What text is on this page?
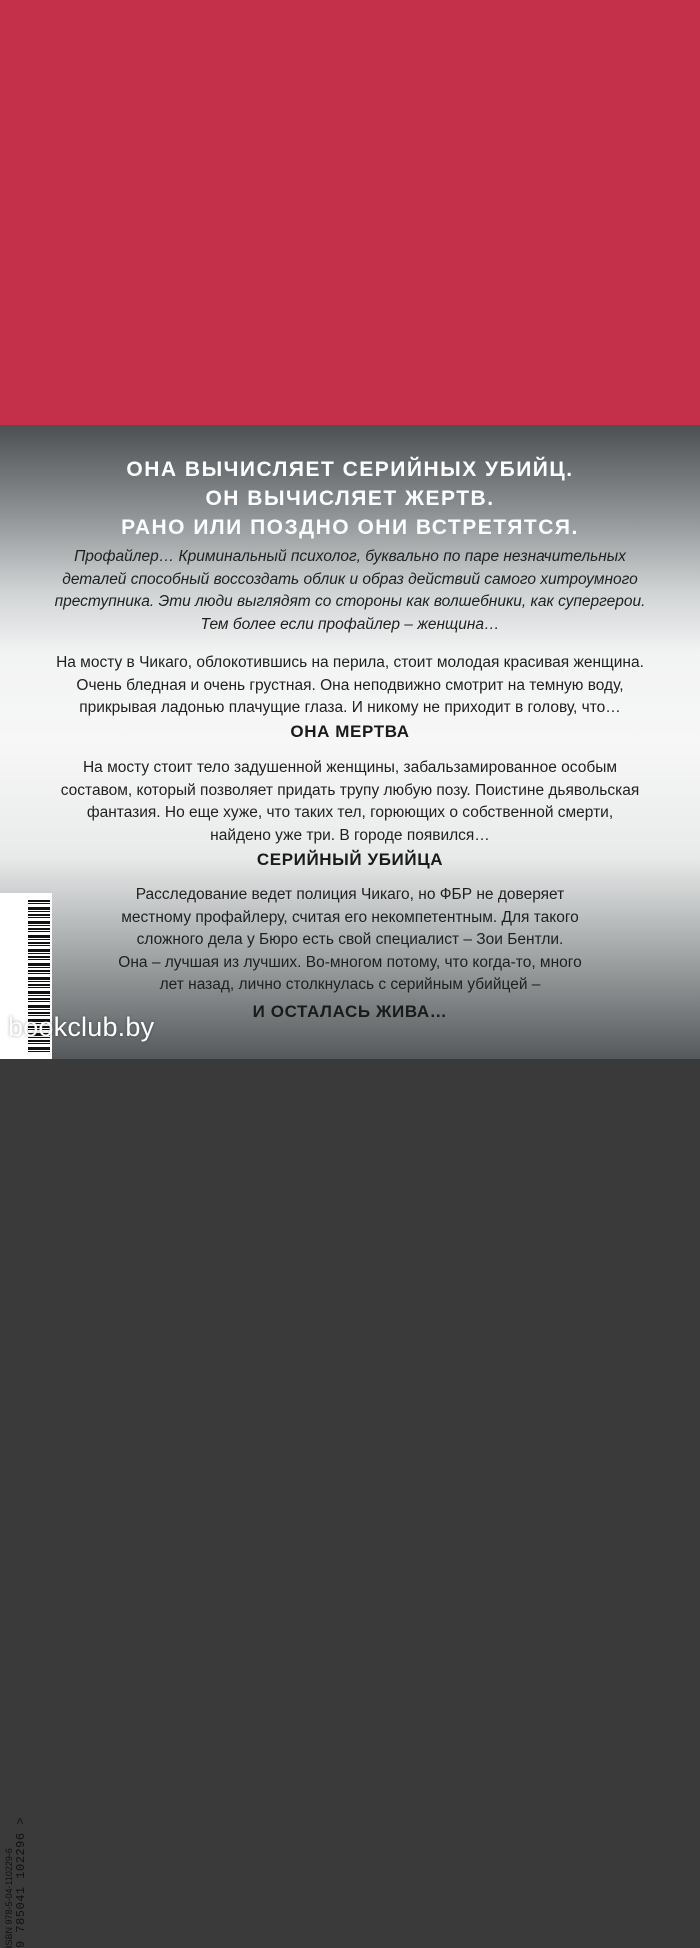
ОНА ВЫЧИСЛЯЕТ СЕРИЙНЫХ УБИЙЦ.
ОН ВЫЧИСЛЯЕТ ЖЕРТВ.
РАНО ИЛИ ПОЗДНО ОНИ ВСТРЕТЯТСЯ.
Профайлер… Криминальный психолог, буквально по паре незначительных
деталей способный воссоздать облик и образ действий самого хитроумного
преступника. Эти люди выглядят со стороны как волшебники, как супергерои.
Тем более если профайлер – женщина…
На мосту в Чикаго, облокотившись на перила, стоит молодая красивая женщина.
Очень бледная и очень грустная. Она неподвижно смотрит на темную воду,
прикрывая ладонью плачущие глаза. И никому не приходит в голову, что…
ОНА МЕРТВА
На мосту стоит тело задушенной женщины, забальзамированное особым
составом, который позволяет придать трупу любую позу. Поистине дьявольская
фантазия. Но еще хуже, что таких тел, горюющих о собственной смерти,
найдено уже три. В городе появился…
СЕРИЙНЫЙ УБИЙЦА
Расследование ведет полиция Чикаго, но ФБР не доверяет
местному профайлеру, считая его некомпетентным. Для такого
сложного дела у Бюро есть свой специалист – Зои Бентли.
Она – лучшая из лучших. Во-многом потому, что когда-то, много
лет назад, лично столкнулась с серийным убийцей –
И ОСТАЛАСЬ ЖИВА…
ISBN 978-5-04-110229-6 9 785041 102296 >
bookclub.by
